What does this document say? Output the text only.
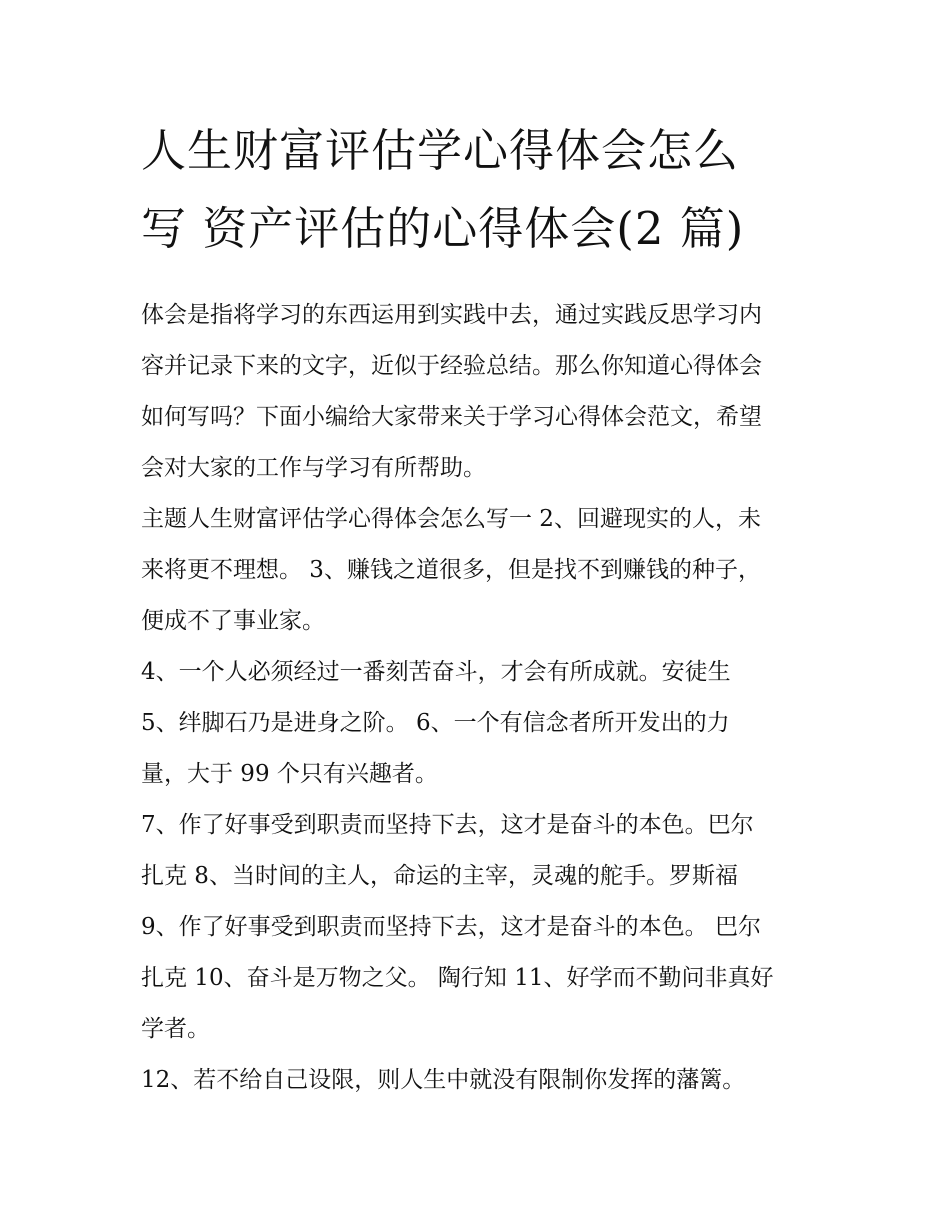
人生财富评估学心得体会怎么
写 资产评估的心得体会(2 篇)

体会是指将学习的东西运用到实践中去，通过实践反思学习内
容并记录下来的文字，近似于经验总结。那么你知道心得体会
如何写吗？下面小编给大家带来关于学习心得体会范文，希望
会对大家的工作与学习有所帮助。

主题人生财富评估学心得体会怎么写一 2、回避现实的人，未
来将更不理想。 3、赚钱之道很多，但是找不到赚钱的种子，
便成不了事业家。

4、一个人必须经过一番刻苦奋斗，才会有所成就。安徒生

5、绊脚石乃是进身之阶。 6、一个有信念者所开发出的力
量，大于 99 个只有兴趣者。

7、作了好事受到职责而坚持下去，这才是奋斗的本色。巴尔
扎克 8、当时间的主人，命运的主宰，灵魂的舵手。罗斯福
9、作了好事受到职责而坚持下去，这才是奋斗的本色。 巴尔
扎克 10、奋斗是万物之父。 陶行知 11、好学而不勤问非真好
学者。

12、若不给自己设限，则人生中就没有限制你发挥的藩篱。
